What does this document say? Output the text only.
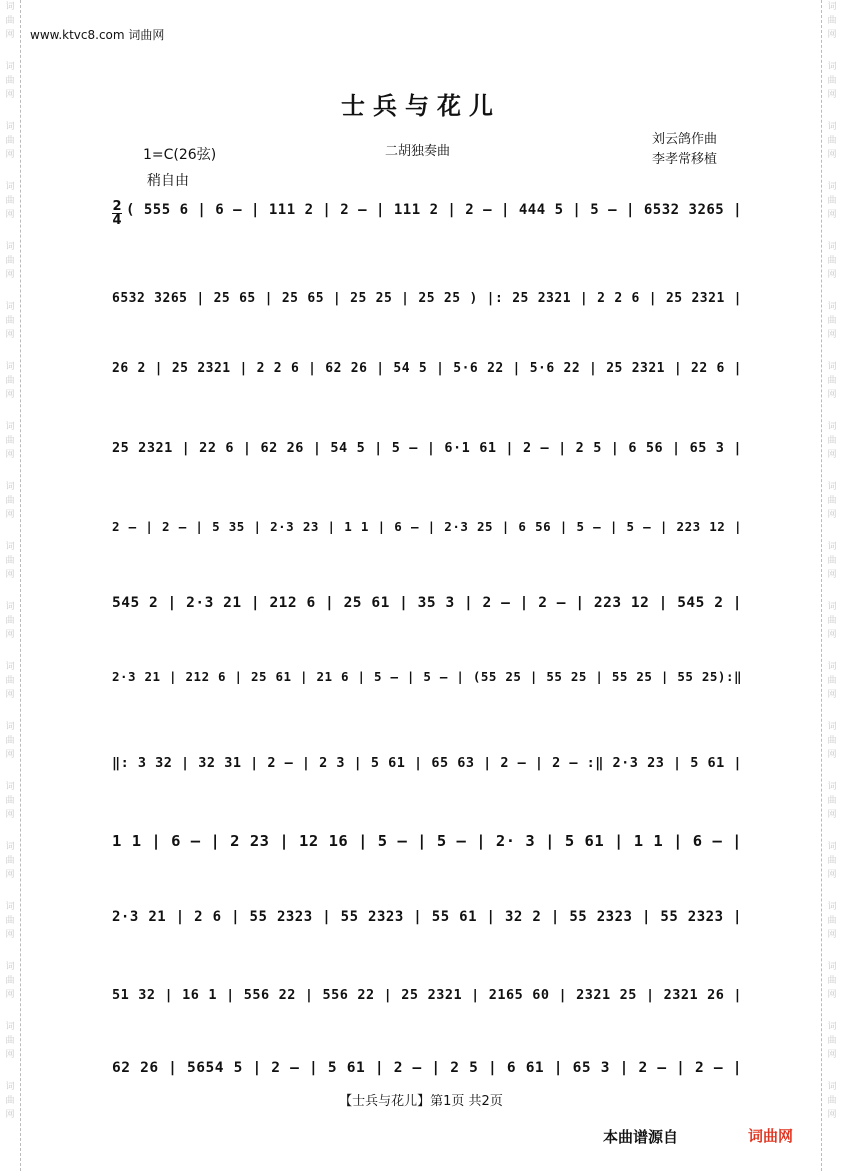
词
曲
网
词
曲
网
词
曲
网
词
曲
网
词
曲
网
词
曲
网
词
曲
网
词
曲
网
词
曲
网
词
曲
网
词
曲
网
词
曲
网
词
曲
网
词
曲
网
词
曲
网
词
曲
网
词
曲
网
词
曲
网
词
曲
网
词
曲
网
词
曲
网
词
曲
网
词
曲
网
词
曲
网
词
曲
网
词
曲
网
词
曲
网
词
曲
网
词
曲
网
词
曲
网
词
曲
网
词
曲
网
词
曲
网
词
曲
网
词
曲
网
词
曲
网
词
曲
网
词
曲
网
www.ktvc8.com 词曲网
士兵与花儿
1=C(26弦)	二胡独奏曲
刘云鸽作曲
李孝常移植
稍自由
2
4
( 555 6 | 6 – | 111 2 | 2 – | 111 2 | 2 – | 444 5 | 5 – | 6532 3265 |
6532 3265 | 25 65 | 25 65 | 25 25 | 25 25 ) |: 25 2321 | 2 2 6 | 25 2321 |
26 2 | 25 2321 | 2 2 6 | 62 26 | 54 5 | 5·6 22 | 5·6 22 | 25 2321 | 22 6 |
25 2321 | 22 6 | 62 26 | 54 5 | 5 – | 6·1 61 | 2 – | 2 5 | 6 56 | 65 3 |
2 – | 2 – | 5 35 | 2·3 23 | 1 1 | 6 – | 2·3 25 | 6 56 | 5 – | 5 – | 223 12 |
545 2 | 2·3 21 | 212 6 | 25 61 | 35 3 | 2 – | 2 – | 223 12 | 545 2 |
2·3 21 | 212 6 | 25 61 | 21 6 | 5 – | 5 – | (55 25 | 55 25 | 55 25 | 55 25):‖
‖: 3 32 | 32 31 | 2 – | 2 3 | 5 61 | 65 63 | 2 – | 2 – :‖ 2·3 23 | 5 61 |
1 1 | 6 – | 2 23 | 12 16 | 5 – | 5 – | 2· 3 | 5 61 | 1 1 | 6 – |
2·3 21 | 2 6 | 55 2323 | 55 2323 | 55 61 | 32 2 | 55 2323 | 55 2323 |
51 32 | 16 1 | 556 22 | 556 22 | 25 2321 | 2165 60 | 2321 25 | 2321 26 |
62 26 | 5654 5 | 2 – | 5 61 | 2 – | 2 5 | 6 61 | 65 3 | 2 – | 2 – |
【士兵与花儿】第1页 共2页
本曲谱源自	词曲网
